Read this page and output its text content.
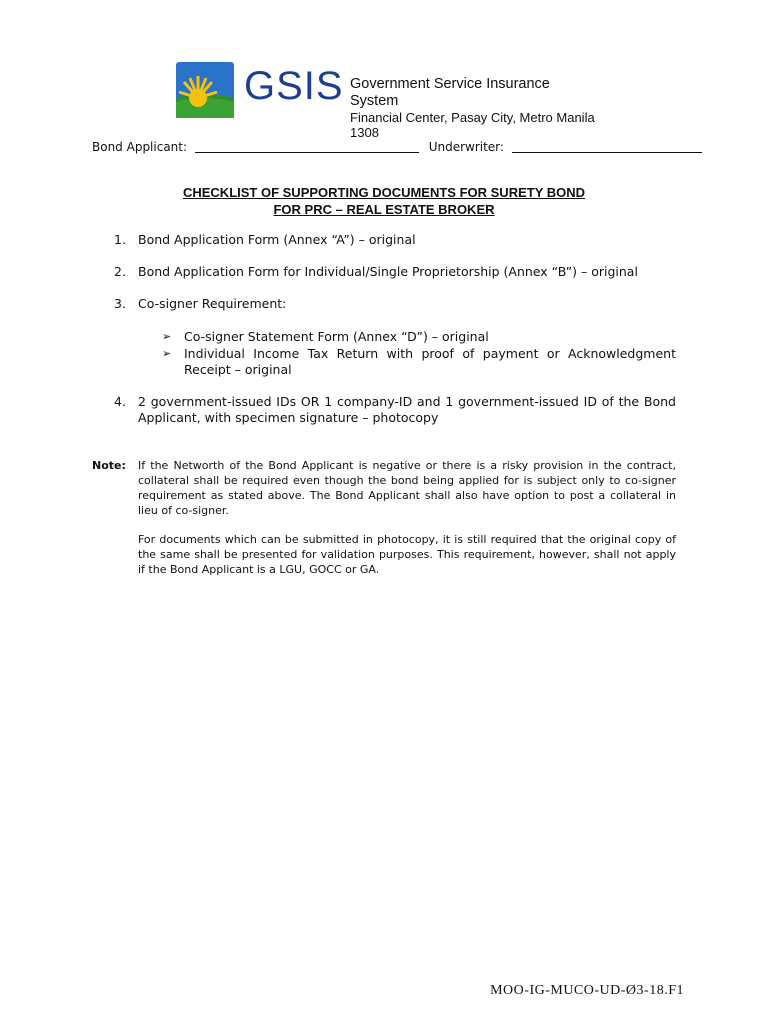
GSIS Government Service Insurance System
Financial Center, Pasay City, Metro Manila 1308
Bond Applicant:	Underwriter:
CHECKLIST OF SUPPORTING DOCUMENTS FOR SURETY BOND
FOR PRC – REAL ESTATE BROKER
1. Bond Application Form (Annex “A”) – original
2. Bond Application Form for Individual/Single Proprietorship (Annex “B”) – original
3. Co-signer Requirement:
4. 2 government-issued IDs OR 1 company-ID and 1 government-issued ID of the Bond Applicant, with specimen signature – photocopy
➢ Co-signer Statement Form (Annex “D”) – original
➢ Individual Income Tax Return with proof of payment or Acknowledgment Receipt – original
Note: If the Networth of the Bond Applicant is negative or there is a risky provision in the contract, collateral shall be required even though the bond being applied for is subject only to co-signer requirement as stated above. The Bond Applicant shall also have option to post a collateral in lieu of co-signer.
For documents which can be submitted in photocopy, it is still required that the original copy of the same shall be presented for validation purposes. This requirement, however, shall not apply if the Bond Applicant is a LGU, GOCC or GA.
MOO-IG-MUCO-UD-Ø3-18.F1
